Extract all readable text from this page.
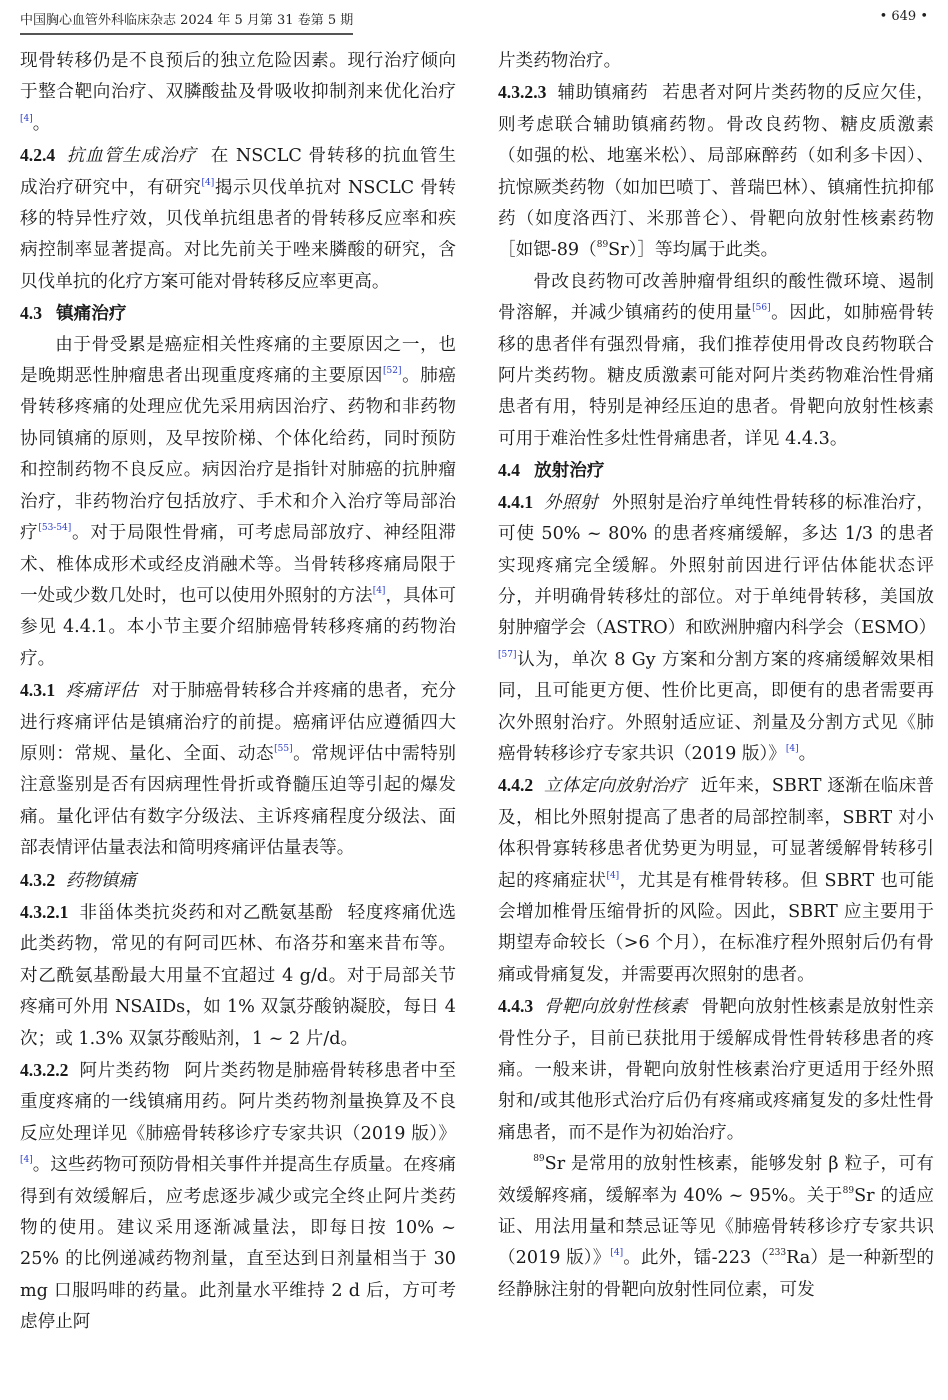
中国胸心血管外科临床杂志 2024 年 5 月第 31 卷第 5 期	• 649 •

现骨转移仍是不良预后的独立危险因素。现行治疗倾向于整合靶向治疗、双膦酸盐及骨吸收抑制剂来优化治疗[4]。

4.2.4 抗血管生成治疗 在 NSCLC 骨转移的抗血管生成治疗研究中，有研究[4]揭示贝伐单抗对 NSCLC 骨转移的特异性疗效，贝伐单抗组患者的骨转移反应率和疾病控制率显著提高。对比先前关于唑来膦酸的研究，含贝伐单抗的化疗方案可能对骨转移反应率更高。

4.3 镇痛治疗

由于骨受累是癌症相关性疼痛的主要原因之一，也是晚期恶性肿瘤患者出现重度疼痛的主要原因[52]。肺癌骨转移疼痛的处理应优先采用病因治疗、药物和非药物协同镇痛的原则，及早按阶梯、个体化给药，同时预防和控制药物不良反应。病因治疗是指针对肺癌的抗肿瘤治疗，非药物治疗包括放疗、手术和介入治疗等局部治疗[53-54]。对于局限性骨痛，可考虑局部放疗、神经阻滞术、椎体成形术或经皮消融术等。当骨转移疼痛局限于一处或少数几处时，也可以使用外照射的方法[4]，具体可参见 4.4.1。本小节主要介绍肺癌骨转移疼痛的药物治疗。

4.3.1 疼痛评估 对于肺癌骨转移合并疼痛的患者，充分进行疼痛评估是镇痛治疗的前提。癌痛评估应遵循四大原则：常规、量化、全面、动态[55]。常规评估中需特别注意鉴别是否有因病理性骨折或脊髓压迫等引起的爆发痛。量化评估有数字分级法、主诉疼痛程度分级法、面部表情评估量表法和简明疼痛评估量表等。

4.3.2 药物镇痛

4.3.2.1 非甾体类抗炎药和对乙酰氨基酚 轻度疼痛优选此类药物，常见的有阿司匹林、布洛芬和塞来昔布等。对乙酰氨基酚最大用量不宜超过 4 g/d。对于局部关节疼痛可外用 NSAIDs，如 1% 双氯芬酸钠凝胶，每日 4 次；或 1.3% 双氯芬酸贴剂，1 ~ 2 片/d。

4.3.2.2 阿片类药物 阿片类药物是肺癌骨转移患者中至重度疼痛的一线镇痛用药。阿片类药物剂量换算及不良反应处理详见《肺癌骨转移诊疗专家共识（2019 版）》[4]。这些药物可预防骨相关事件并提高生存质量。在疼痛得到有效缓解后，应考虑逐步减少或完全终止阿片类药物的使用。建议采用逐渐减量法，即每日按 10% ~ 25% 的比例递减药物剂量，直至达到日剂量相当于 30 mg 口服吗啡的药量。此剂量水平维持 2 d 后，方可考虑停止阿

片类药物治疗。

4.3.2.3 辅助镇痛药 若患者对阿片类药物的反应欠佳，则考虑联合辅助镇痛药物。骨改良药物、糖皮质激素（如强的松、地塞米松）、局部麻醉药（如利多卡因）、抗惊厥类药物（如加巴喷丁、普瑞巴林）、镇痛性抗抑郁药（如度洛西汀、米那普仑）、骨靶向放射性核素药物［如锶-89（$^{89}$Sr）］等均属于此类。

骨改良药物可改善肿瘤骨组织的酸性微环境、遏制骨溶解，并减少镇痛药的使用量[56]。因此，如肺癌骨转移的患者伴有强烈骨痛，我们推荐使用骨改良药物联合阿片类药物。糖皮质激素可能对阿片类药物难治性骨痛患者有用，特别是神经压迫的患者。骨靶向放射性核素可用于难治性多灶性骨痛患者，详见 4.4.3。

4.4 放射治疗

4.4.1 外照射 外照射是治疗单纯性骨转移的标准治疗，可使 50% ~ 80% 的患者疼痛缓解，多达 1/3 的患者实现疼痛完全缓解。外照射前因进行评估体能状态评分，并明确骨转移灶的部位。对于单纯骨转移，美国放射肿瘤学会（ASTRO）和欧洲肿瘤内科学会（ESMO）[57]认为，单次 8 Gy 方案和分割方案的疼痛缓解效果相同，且可能更方便、性价比更高，即便有的患者需要再次外照射治疗。外照射适应证、剂量及分割方式见《肺癌骨转移诊疗专家共识（2019 版）》[4]。

4.4.2 立体定向放射治疗 近年来，SBRT 逐渐在临床普及，相比外照射提高了患者的局部控制率，SBRT 对小体积骨寡转移患者优势更为明显，可显著缓解骨转移引起的疼痛症状[4]，尤其是有椎骨转移。但 SBRT 也可能会增加椎骨压缩骨折的风险。因此，SBRT 应主要用于期望寿命较长（>6 个月），在标准疗程外照射后仍有骨痛或骨痛复发，并需要再次照射的患者。

4.4.3 骨靶向放射性核素 骨靶向放射性核素是放射性亲骨性分子，目前已获批用于缓解成骨性骨转移患者的疼痛。一般来讲，骨靶向放射性核素治疗更适用于经外照射和/或其他形式治疗后仍有疼痛或疼痛复发的多灶性骨痛患者，而不是作为初始治疗。

$^{89}$Sr 是常用的放射性核素，能够发射 β 粒子，可有效缓解疼痛，缓解率为 40% ~ 95%。关于$^{89}$Sr 的适应证、用法用量和禁忌证等见《肺癌骨转移诊疗专家共识（2019 版）》[4]。此外，镭-223（$^{233}$Ra）是一种新型的经静脉注射的骨靶向放射性同位素，可发
